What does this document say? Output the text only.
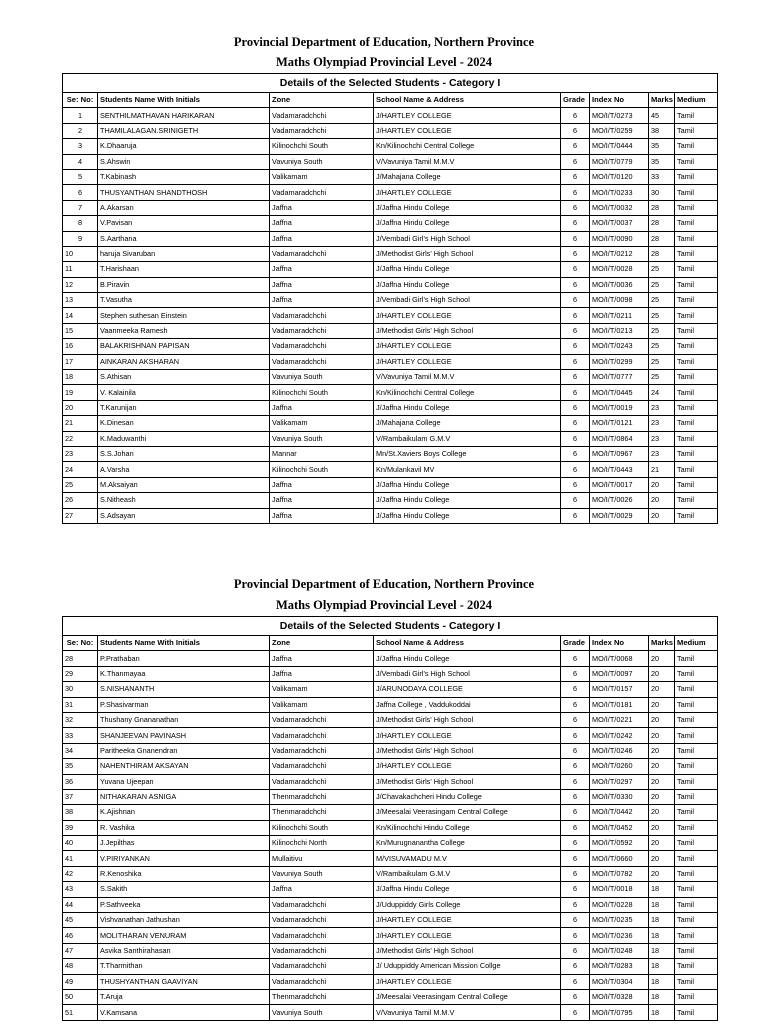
Provincial Department of Education, Northern Province
Maths Olympiad Provincial Level - 2024
Details of the Selected Students - Category I							
Se: No:	Students Name With Initials	Zone	School Name & Address	Grade	Index No	Marks	Medium
1	SENTHILMATHAVAN HARIKARAN	Vadamaradchchi	J/HARTLEY COLLEGE	6	MO/I/T/0273	45	Tamil
2	THAMILALAGAN.SRINIGETH	Vadamaradchchi	J/HARTLEY COLLEGE	6	MO/I/T/0259	38	Tamil
3	K.Dhaaruja	Kilinochchi South	Kn/Kilinochchi Central College	6	MO/I/T/0444	35	Tamil
4	S.Ahswin	Vavuniya South	V/Vavuniya Tamil M.M.V	6	MO/I/T/0779	35	Tamil
5	T.Kabinash	Valikamam	J/Mahajana College	6	MO/I/T/0120	33	Tamil
6	THUSYANTHAN SHANDTHOSH	Vadamaradchchi	J/HARTLEY COLLEGE	6	MO/I/T/0233	30	Tamil
7	A.Akarsan	Jaffna	J/Jaffna Hindu College	6	MO/I/T/0032	28	Tamil
8	V.Pavisan	Jaffna	J/Jaffna Hindu College	6	MO/I/T/0037	28	Tamil
9	S.Aarthana	Jaffna	J/Vembadi Girl's High School	6	MO/I/T/0090	28	Tamil
10	haruja Sivaruban	Vadamaradchchi	J/Methodist Girls' High School	6	MO/I/T/0212	28	Tamil
11	T.Harishaan	Jaffna	J/Jaffna Hindu College	6	MO/I/T/0028	25	Tamil
12	B.Piravin	Jaffna	J/Jaffna Hindu College	6	MO/I/T/0036	25	Tamil
13	T.Vasutha	Jaffna	J/Vembadi Girl's High School	6	MO/I/T/0098	25	Tamil
14	Stephen suthesan Einstein	Vadamaradchchi	J/HARTLEY COLLEGE	6	MO/I/T/0211	25	Tamil
15	Vaanmeeka Ramesh	Vadamaradchchi	J/Methodist Girls' High School	6	MO/I/T/0213	25	Tamil
16	BALAKRISHNAN PAPISAN	Vadamaradchchi	J/HARTLEY COLLEGE	6	MO/I/T/0243	25	Tamil
17	AINKARAN AKSHARAN	Vadamaradchchi	J/HARTLEY COLLEGE	6	MO/I/T/0299	25	Tamil
18	S.Athisan	Vavuniya South	V/Vavuniya Tamil M.M.V	6	MO/I/T/0777	25	Tamil
19	V. Kalainila	Kilinochchi South	Kn/Kilinochchi Central College	6	MO/I/T/0445	24	Tamil
20	T.Karunijan	Jaffna	J/Jaffna Hindu College	6	MO/I/T/0019	23	Tamil
21	K.Dinesan	Valikamam	J/Mahajana College	6	MO/I/T/0121	23	Tamil
22	K.Maduwanthi	Vavuniya South	V/Rambaikulam G.M.V	6	MO/I/T/0864	23	Tamil
23	S.S.Johan	Mannar	Mn/St.Xaviers Boys College	6	MO/I/T/0967	23	Tamil
24	A.Varsha	Kilinochchi South	Kn/Mulankavil MV	6	MO/I/T/0443	21	Tamil
25	M.Aksaiyan	Jaffna	J/Jaffna Hindu College	6	MO/I/T/0017	20	Tamil
26	S.Nitheash	Jaffna	J/Jaffna Hindu College	6	MO/I/T/0026	20	Tamil
27	S.Adsayan	Jaffna	J/Jaffna Hindu College	6	MO/I/T/0029	20	Tamil
Provincial Department of Education, Northern Province
Maths Olympiad Provincial Level - 2024
Details of the Selected Students - Category I							
Se: No:	Students Name With Initials	Zone	School Name & Address	Grade	Index No	Marks	Medium
28	P.Prathaban	Jaffna	J/Jaffna Hindu College	6	MO/I/T/0068	20	Tamil
29	K.Thanmayaa	Jaffna	J/Vembadi Girl's High School	6	MO/I/T/0097	20	Tamil
30	S.NISHANANTH	Valikamam	J/ARUNODAYA COLLEGE	6	MO/I/T/0157	20	Tamil
31	P.Shasivarman	Valikamam	Jaffna College , Vaddukoddai	6	MO/I/T/0181	20	Tamil
32	Thushany Gnananathan	Vadamaradchchi	J/Methodist Girls' High School	6	MO/I/T/0221	20	Tamil
33	SHANJEEVAN PAVINASH	Vadamaradchchi	J/HARTLEY COLLEGE	6	MO/I/T/0242	20	Tamil
34	Paritheeka Gnanendran	Vadamaradchchi	J/Methodist Girls' High School	6	MO/I/T/0246	20	Tamil
35	NAHENTHIRAM AKSAYAN	Vadamaradchchi	J/HARTLEY COLLEGE	6	MO/I/T/0260	20	Tamil
36	Yuvana Ujeepan	Vadamaradchchi	J/Methodist Girls' High School	6	MO/I/T/0297	20	Tamil
37	NITHAKARAN ASNIGA	Thenmaradchchi	J/Chavakachcheri Hindu College	6	MO/I/T/0330	20	Tamil
38	K.Ajishnan	Thenmaradchchi	J/Meesalai Veerasingam Central College	6	MO/I/T/0442	20	Tamil
39	R. Vashika	Kilinochchi South	Kn/Kilinochchi Hindu College	6	MO/I/T/0452	20	Tamil
40	J.Jepilthas	Kilinochchi North	Kn/Murugnanantha College	6	MO/I/T/0592	20	Tamil
41	V.PIRIYANKAN	Mullaitivu	M/VISUVAMADU M.V	6	MO/I/T/0660	20	Tamil
42	R.Kenoshika	Vavuniya South	V/Rambaikulam G.M.V	6	MO/I/T/0782	20	Tamil
43	S.Sakith	Jaffna	J/Jaffna Hindu College	6	MO/I/T/0018	18	Tamil
44	P.Sathveeka	Vadamaradchchi	J/Uduppiddy Girls College	6	MO/I/T/0228	18	Tamil
45	Vishvanathan Jathushan	Vadamaradchchi	J/HARTLEY COLLEGE	6	MO/I/T/0235	18	Tamil
46	MOLITHARAN VENURAM	Vadamaradchchi	J/HARTLEY COLLEGE	6	MO/I/T/0236	18	Tamil
47	Asvika Santhirahasan	Vadamaradchchi	J/Methodist Girls' High School	6	MO/I/T/0248	18	Tamil
48	T.Tharmithan	Vadamaradchchi	J/ Uduppiddy American Mission Collge	6	MO/I/T/0283	18	Tamil
49	THUSHYANTHAN GAAVIYAN	Vadamaradchchi	J/HARTLEY COLLEGE	6	MO/I/T/0304	18	Tamil
50	T.Aruja	Thenmaradchchi	J/Meesalai Veerasingam Central College	6	MO/I/T/0328	18	Tamil
51	V.Kamsana	Vavuniya South	V/Vavuniya Tamil M.M.V	6	MO/I/T/0795	18	Tamil
